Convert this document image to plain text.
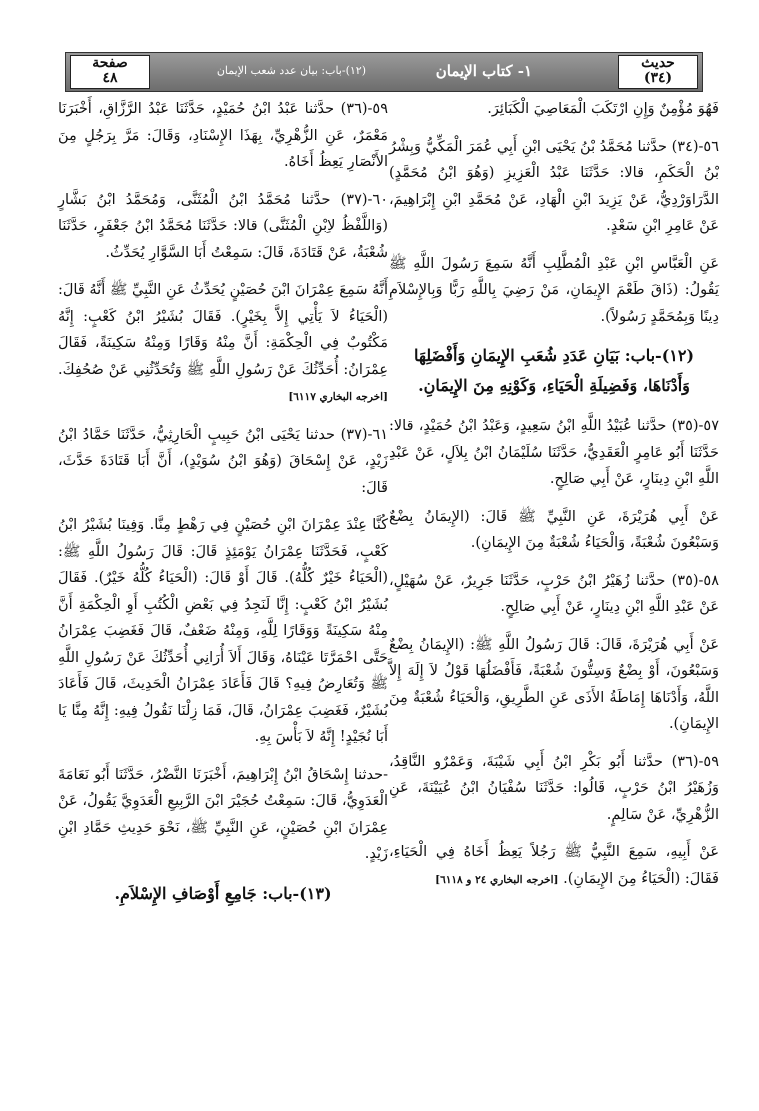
حديث
(٣٤)
١- كتاب الإيمان
(١٢)-باب: بيان عدد شعب الإيمان
صفحة
٤٨

فَهُوَ مُؤْمِنٌ وَإِنِ ارْتَكَبَ الْمَعَاصِيَ الْكَبَائِرَ.

٥٦-(٣٤) حدَّثنا مُحَمَّدُ بْنُ يَحْيَى ابْنِ أَبِي عُمَرَ الْمَكِّيُّ وَبِشْرُ بْنُ الْحَكَمِ، قالا: حَدَّثَنَا عَبْدُ الْعَزِيزِ (وَهُوَ ابْنُ مُحَمَّدٍ) الدَّرَاوَرْدِيُّ، عَنْ يَزِيدَ ابْنِ الْهَادِ، عَنْ مُحَمَّدِ ابْنِ إِبْرَاهِيمَ، عَنْ عَامِرِ ابْنِ سَعْدٍ.

عَنِ الْعَبَّاسِ ابْنِ عَبْدِ الْمُطَّلِبِ أَنَّهُ سَمِعَ رَسُولَ اللَّهِ ﷺ يَقُولُ: (ذَاقَ طَعْمَ الإِيمَانِ، مَنْ رَضِيَ بِاللَّهِ رَبًّا وَبِالإِسْلاَمِ دِينًا وَبِمُحَمَّدٍ رَسُولاً).

(١٢)-باب: بَيَانِ عَدَدِ شُعَبِ الإِيمَانِ وَأَفْضَلِهَا وَأَدْنَاهَا، وَفَضِيلَةِ الْحَيَاءِ، وَكَوْنِهِ مِنَ الإِيمَانِ.

٥٧-(٣٥) حدَّثنا عُبَيْدُ اللَّهِ ابْنُ سَعِيدٍ، وَعَبْدُ ابْنُ حُمَيْدٍ، قالا: حَدَّثَنَا أَبُو عَامِرٍ الْعَقَدِيُّ، حَدَّثَنَا سُلَيْمَانُ ابْنُ بِلاَلٍ، عَنْ عَبْدِ اللَّهِ ابْنِ دِينَارٍ، عَنْ أَبِي صَالِحٍ.

عَنْ أَبِي هُرَيْرَةَ، عَنِ النَّبِيِّ ﷺ قَالَ: (الإِيمَانُ بِضْعٌ وَسَبْعُونَ شُعْبَةً، وَالْحَيَاءُ شُعْبَةٌ مِنَ الإِيمَانِ).

٥٨-(٣٥) حدَّثنا زُهَيْرُ ابْنُ حَرْبٍ، حَدَّثَنَا جَرِيرٌ، عَنْ سُهَيْلٍ، عَنْ عَبْدِ اللَّهِ ابْنِ دِينَارٍ، عَنْ أَبِي صَالِحٍ.

عَنْ أَبِي هُرَيْرَةَ، قَالَ: قَالَ رَسُولُ اللَّهِ ﷺ: (الإِيمَانُ بِضْعٌ وَسَبْعُونَ، أَوْ بِضْعٌ وَسِتُّونَ شُعْبَةً، فَأَفْضَلُهَا قَوْلُ لاَ إِلَهَ إِلاَّ اللَّهُ، وَأَدْنَاهَا إِمَاطَةُ الأَذَى عَنِ الطَّرِيقِ، وَالْحَيَاءُ شُعْبَةٌ مِنَ الإِيمَانِ).

٥٩-(٣٦) حدَّثنا أَبُو بَكْرِ ابْنُ أَبِي شَيْبَةَ، وَعَمْرٌو النَّاقِدُ، وَزُهَيْرُ ابْنُ حَرْبٍ، قَالُوا: حَدَّثَنَا سُفْيَانُ ابْنُ عُيَيْنَةَ، عَنِ الزُّهْرِيِّ، عَنْ سَالِمٍ.

عَنْ أَبِيهِ، سَمِعَ النَّبِيُّ ﷺ رَجُلاً يَعِظُ أَخَاهُ فِي الْحَيَاءِ، فَقَالَ: (الْحَيَاءُ مِنَ الإِيمَانِ). [اخرجه البخاري ٢٤ و ٦١١٨]

٥٩-(٣٦) حدَّثنا عَبْدُ ابْنُ حُمَيْدٍ، حَدَّثَنَا عَبْدُ الرَّزَّاقِ، أَخْبَرَنَا مَعْمَرٌ، عَنِ الزُّهْرِيِّ، بِهَذَا الإِسْنَادِ، وَقَالَ: مَرَّ بِرَجُلٍ مِنَ الأَنْصَارِ يَعِظُ أَخَاهُ.

٦٠-(٣٧) حدَّثنا مُحَمَّدُ ابْنُ الْمُثَنَّى، وَمُحَمَّدُ ابْنُ بَشَّارٍ (وَاللَّفْظُ لاِبْنِ الْمُثَنَّى) قالا: حَدَّثَنَا مُحَمَّدُ ابْنُ جَعْفَرٍ، حَدَّثَنَا شُعْبَةُ، عَنْ قَتَادَةَ، قَالَ: سَمِعْتُ أَبَا السَّوَّارِ يُحَدِّثُ.

أَنَّهُ سَمِعَ عِمْرَانَ ابْنَ حُصَيْنٍ يُحَدِّثُ عَنِ النَّبِيِّ ﷺ أَنَّهُ قَالَ: (الْحَيَاءُ لاَ يَأْتِي إِلاَّ بِخَيْرٍ). فَقَالَ بُشَيْرُ ابْنُ كَعْبٍ: إِنَّهُ مَكْتُوبٌ فِي الْحِكْمَةِ: أَنَّ مِنْهُ وَقَارًا وَمِنْهُ سَكِينَةً، فَقَالَ عِمْرَانُ: أُحَدِّثُكَ عَنْ رَسُولِ اللَّهِ ﷺ وَتُحَدِّثُنِي عَنْ صُحُفِكَ. [اخرجه البخاري ٦١١٧]

٦١-(٣٧) حدثنا يَحْيَى ابْنُ حَبِيبٍ الْحَارِثِيُّ، حَدَّثَنَا حَمَّادُ ابْنُ زَيْدٍ، عَنْ إِسْحَاقَ (وَهُوَ ابْنُ سُوَيْدٍ)، أَنَّ أَبَا قَتَادَةَ حَدَّثَ، قَالَ:

كُنَّا عِنْدَ عِمْرَانَ ابْنِ حُصَيْنٍ فِي رَهْطٍ مِنَّا. وَفِينَا بُشَيْرُ ابْنُ كَعْبٍ، فَحَدَّثَنَا عِمْرَانُ يَوْمَئِذٍ قَالَ: قَالَ رَسُولُ اللَّهِ ﷺ: (الْحَيَاءُ خَيْرٌ كُلُّهُ). قَالَ أَوْ قَالَ: (الْحَيَاءُ كُلُّهُ خَيْرٌ). فَقَالَ بُشَيْرُ ابْنُ كَعْبٍ: إِنَّا لَنَجِدُ فِي بَعْضِ الْكُتُبِ أَوِ الْحِكْمَةِ أَنَّ مِنْهُ سَكِينَةً وَوَقَارًا لِلَّهِ، وَمِنْهُ ضَعْفٌ، قَالَ فَغَضِبَ عِمْرَانُ حَتَّى احْمَرَّتَا عَيْنَاهُ، وَقَالَ أَلاَ أُرَانِي أُحَدِّثُكَ عَنْ رَسُولِ اللَّهِ ﷺ وَتُعَارِضُ فِيهِ؟ قَالَ فَأَعَادَ عِمْرَانُ الْحَدِيثَ، قَالَ فَأَعَادَ بُشَيْرٌ، فَغَضِبَ عِمْرَانُ، قَالَ، فَمَا زِلْنَا نَقُولُ فِيهِ: إِنَّهُ مِنَّا يَا أَبَا نُجَيْدٍ! إِنَّهُ لاَ بَأْسَ بِهِ.

-حدثنا إِسْحَاقُ ابْنُ إِبْرَاهِيمَ، أَخْبَرَنَا النَّضْرُ، حَدَّثَنَا أَبُو نَعَامَةَ الْعَدَوِيُّ، قَالَ: سَمِعْتُ حُجَيْرَ ابْنَ الرَّبِيعِ الْعَدَوِيَّ يَقُولُ، عَنْ عِمْرَانَ ابْنِ حُصَيْنٍ، عَنِ النَّبِيِّ ﷺ، نَحْوَ حَدِيثِ حَمَّادِ ابْنِ زَيْدٍ.

(١٣)-باب: جَامِعِ أَوْصَافِ الإِسْلاَمِ.
